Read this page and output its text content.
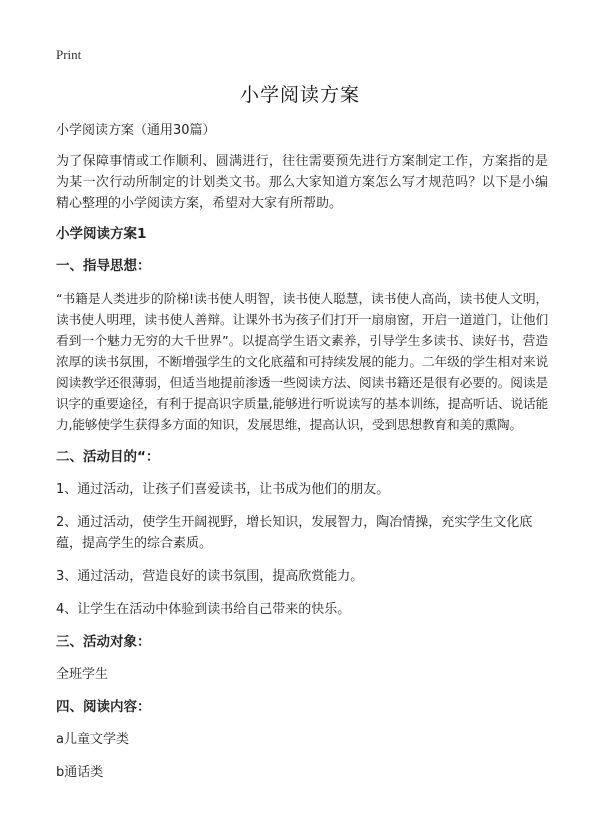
Print
小学阅读方案
小学阅读方案（通用30篇）
为了保障事情或工作顺利、圆满进行，往往需要预先进行方案制定工作，方案指的是为某一次行动所制定的计划类文书。那么大家知道方案怎么写才规范吗？以下是小编精心整理的小学阅读方案，希望对大家有所帮助。
小学阅读方案1
一、指导思想：
“书籍是人类进步的阶梯!读书使人明智，读书使人聪慧，读书使人高尚，读书使人文明，读书使人明理，读书使人善辩。让课外书为孩子们打开一扇扇窗，开启一道道门，让他们看到一个魅力无穷的大千世界”。以提高学生语文素养，引导学生多读书、读好书，营造浓厚的读书氛围，不断增强学生的文化底蕴和可持续发展的能力。二年级的学生相对来说阅读教学还很薄弱，但适当地提前渗透一些阅读方法、阅读书籍还是很有必要的。阅读是识字的重要途径，有利于提高识字质量,能够进行听说读写的基本训练，提高听话、说话能力,能够使学生获得多方面的知识，发展思维，提高认识，受到思想教育和美的熏陶。
二、活动目的“：
1、通过活动，让孩子们喜爱读书，让书成为他们的朋友。
2、通过活动，使学生开阔视野，增长知识，发展智力，陶冶情操，充实学生文化底蕴，提高学生的综合素质。
3、通过活动，营造良好的读书氛围，提高欣赏能力。
4、让学生在活动中体验到读书给自己带来的快乐。
三、活动对象：
全班学生
四、阅读内容：
a儿童文学类
b通话类
